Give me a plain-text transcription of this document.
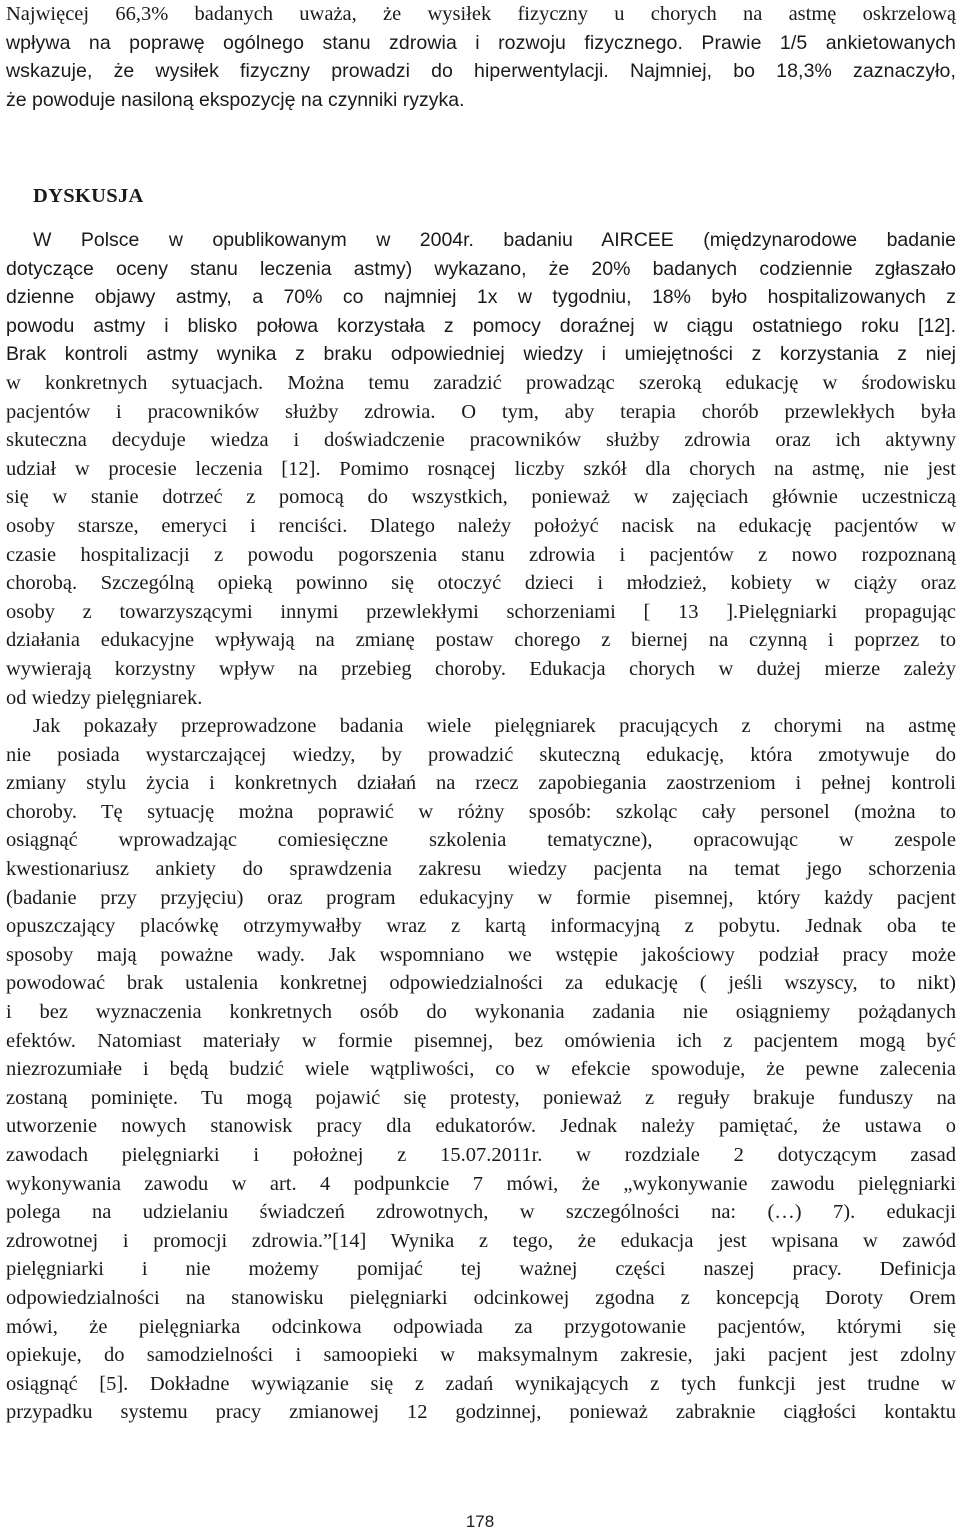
Najwięcej 66,3% badanych uważa, że wysiłek fizyczny u chorych na astmę oskrzelową
wpływa na poprawę ogólnego stanu zdrowia i rozwoju fizycznego. Prawie 1/5 ankietowanych
wskazuje, że wysiłek fizyczny prowadzi do hiperwentylacji. Najmniej, bo 18,3% zaznaczyło,
że powoduje nasiloną ekspozycję na czynniki ryzyka.
DYSKUSJA
W Polsce w opublikowanym w 2004r. badaniu AIRCEE (międzynarodowe badanie
dotyczące oceny stanu leczenia astmy) wykazano, że 20% badanych codziennie zgłaszało
dzienne objawy astmy, a 70% co najmniej 1x w tygodniu, 18% było hospitalizowanych z
powodu astmy i blisko połowa korzystała z pomocy doraźnej w ciągu ostatniego roku [12].
Brak kontroli astmy wynika z braku odpowiedniej wiedzy i umiejętności z korzystania z niej
w konkretnych sytuacjach. Można temu zaradzić prowadząc szeroką edukację w środowisku
pacjentów i pracowników służby zdrowia. O tym, aby terapia chorób przewlekłych była
skuteczna decyduje wiedza i doświadczenie pracowników służby zdrowia oraz ich aktywny
udział w procesie leczenia [12]. Pomimo rosnącej liczby szkół dla chorych na astmę, nie jest
się w stanie dotrzeć z pomocą do wszystkich, ponieważ w zajęciach głównie uczestniczą
osoby starsze, emeryci i renciści. Dlatego należy położyć nacisk na edukację pacjentów w
czasie hospitalizacji z powodu pogorszenia stanu zdrowia i pacjentów z nowo rozpoznaną
chorobą. Szczególną opieką powinno się otoczyć dzieci i młodzież, kobiety w ciąży oraz
osoby z towarzyszącymi innymi przewlekłymi schorzeniami [ 13 ].Pielęgniarki propagując
działania edukacyjne wpływają na zmianę postaw chorego z biernej na czynną i poprzez to
wywierają korzystny wpływ na przebieg choroby. Edukacja chorych w dużej mierze zależy
od wiedzy pielęgniarek.
Jak pokazały przeprowadzone badania wiele pielęgniarek pracujących z chorymi na astmę
nie posiada wystarczającej wiedzy, by prowadzić skuteczną edukację, która zmotywuje do
zmiany stylu życia i konkretnych działań na rzecz zapobiegania zaostrzeniom i pełnej kontroli
choroby. Tę sytuację można poprawić w różny sposób: szkoląc cały personel (można to
osiągnąć wprowadzając comiesięczne szkolenia tematyczne), opracowując w zespole
kwestionariusz ankiety do sprawdzenia zakresu wiedzy pacjenta na temat jego schorzenia
(badanie przy przyjęciu) oraz program edukacyjny w formie pisemnej, który każdy pacjent
opuszczający placówkę otrzymywałby wraz z kartą informacyjną z pobytu. Jednak oba te
sposoby mają poważne wady. Jak wspomniano we wstępie jakościowy podział pracy może
powodować brak ustalenia konkretnej odpowiedzialności za edukację ( jeśli wszyscy, to nikt)
i bez wyznaczenia konkretnych osób do wykonania zadania nie osiągniemy pożądanych
efektów. Natomiast materiały w formie pisemnej, bez omówienia ich z pacjentem mogą być
niezrozumiałe i będą budzić wiele wątpliwości, co w efekcie spowoduje, że pewne zalecenia
zostaną pominięte. Tu mogą pojawić się protesty, ponieważ z reguły brakuje funduszy na
utworzenie nowych stanowisk pracy dla edukatorów. Jednak należy pamiętać, że ustawa o
zawodach pielęgniarki i położnej z 15.07.2011r. w rozdziale 2 dotyczącym zasad
wykonywania zawodu w art. 4 podpunkcie 7 mówi, że „wykonywanie zawodu pielęgniarki
polega na udzielaniu świadczeń zdrowotnych, w szczególności na: (…) 7). edukacji
zdrowotnej i promocji zdrowia.”[14] Wynika z tego, że edukacja jest wpisana w zawód
pielęgniarki i nie możemy pomijać tej ważnej części naszej pracy. Definicja
odpowiedzialności na stanowisku pielęgniarki odcinkowej zgodna z koncepcją Doroty Orem
mówi, że pielęgniarka odcinkowa odpowiada za przygotowanie pacjentów, którymi się
opiekuje, do samodzielności i samoopieki w maksymalnym zakresie, jaki pacjent jest zdolny
osiągnąć [5]. Dokładne wywiązanie się z zadań wynikających z tych funkcji jest trudne w
przypadku systemu pracy zmianowej 12 godzinnej, ponieważ zabraknie ciągłości kontaktu
178
